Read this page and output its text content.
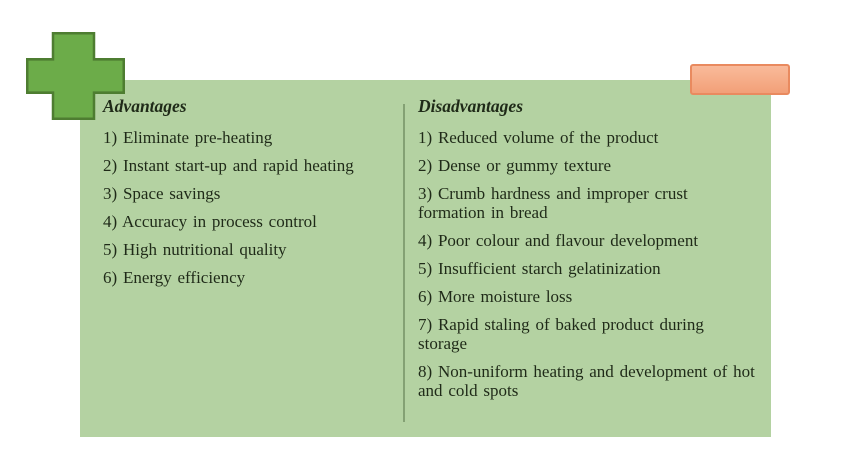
Advantages
1) Eliminate pre-heating
2) Instant start-up and rapid heating
3) Space savings
4) Accuracy in process control
5) High nutritional quality
6) Energy efficiency
Disadvantages
1) Reduced volume of the product
2) Dense or gummy texture
3) Crumb hardness and improper crust formation in bread
4) Poor colour and flavour development
5) Insufficient starch gelatinization
6) More moisture loss
7) Rapid staling of baked product during storage
8) Non-uniform heating and development of hot and cold spots
